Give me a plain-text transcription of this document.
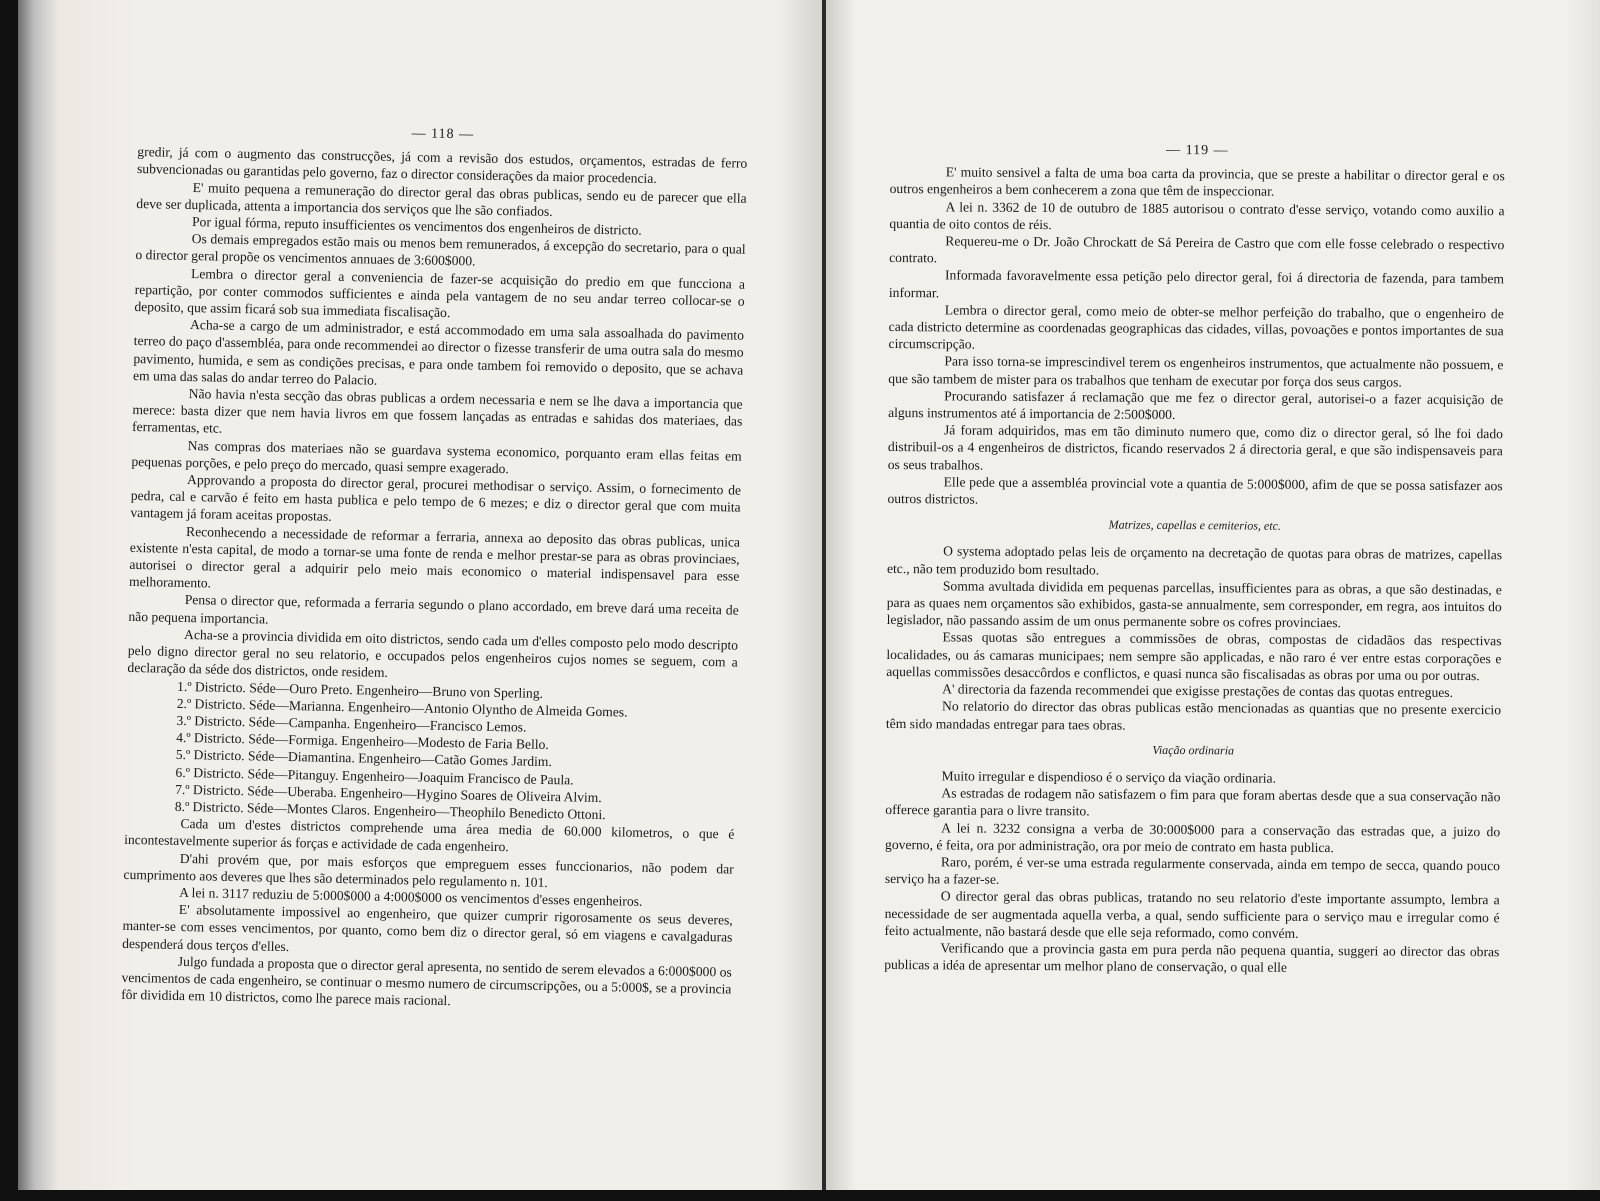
— 118 —

gredir, já com o augmento das construcções, já com a revisão dos estudos, orçamentos, estradas de ferro subvencionadas ou garantidas pelo governo, faz o director considerações da maior procedencia.

E' muito pequena a remuneração do director geral das obras publicas, sendo eu de parecer que ella deve ser duplicada, attenta a importancia dos serviços que lhe são confiados.

Por igual fórma, reputo insufficientes os vencimentos dos engenheiros de districto.

Os demais empregados estão mais ou menos bem remunerados, á excepção do secretario, para o qual o director geral propõe os vencimentos annuaes de 3:600$000.

Lembra o director geral a conveniencia de fazer-se acquisição do predio em que funcciona a repartição, por conter commodos sufficientes e ainda pela vantagem de no seu andar terreo collocar-se o deposito, que assim ficará sob sua immediata fiscalisação.

Acha-se a cargo de um administrador, e está accommodado em uma sala assoalhada do pavimento terreo do paço d'assembléa, para onde recommendei ao director o fizesse transferir de uma outra sala do mesmo pavimento, humida, e sem as condições precisas, e para onde tambem foi removido o deposito, que se achava em uma das salas do andar terreo do Palacio.

Não havia n'esta secção das obras publicas a ordem necessaria e nem se lhe dava a importancia que merece: basta dizer que nem havia livros em que fossem lançadas as entradas e sahidas dos materiaes, das ferramentas, etc.

Nas compras dos materiaes não se guardava systema economico, porquanto eram ellas feitas em pequenas porções, e pelo preço do mercado, quasi sempre exagerado.

Approvando a proposta do director geral, procurei methodisar o serviço. Assim, o fornecimento de pedra, cal e carvão é feito em hasta publica e pelo tempo de 6 mezes; e diz o director geral que com muita vantagem já foram aceitas propostas.

Reconhecendo a necessidade de reformar a ferraria, annexa ao deposito das obras publicas, unica existente n'esta capital, de modo a tornar-se uma fonte de renda e melhor prestar-se para as obras provinciaes, autorisei o director geral a adquirir pelo meio mais economico o material indispensavel para esse melhoramento.

Pensa o director que, reformada a ferraria segundo o plano accordado, em breve dará uma receita de não pequena importancia.

Acha-se a provincia dividida em oito districtos, sendo cada um d'elles composto pelo modo descripto pelo digno director geral no seu relatorio, e occupados pelos engenheiros cujos nomes se seguem, com a declaração da séde dos districtos, onde residem.

1.º Districto. Séde—Ouro Preto. Engenheiro—Bruno von Sperling.
2.º Districto. Séde—Marianna. Engenheiro—Antonio Olyntho de Almeida Gomes.
3.º Districto. Séde—Campanha. Engenheiro—Francisco Lemos.
4.º Districto. Séde—Formiga. Engenheiro—Modesto de Faria Bello.
5.º Districto. Séde—Diamantina. Engenheiro—Catão Gomes Jardim.
6.º Districto. Séde—Pitanguy. Engenheiro—Joaquim Francisco de Paula.
7.º Districto. Séde—Uberaba. Engenheiro—Hygino Soares de Oliveira Alvim.
8.º Districto. Séde—Montes Claros. Engenheiro—Theophilo Benedicto Ottoni.

Cada um d'estes districtos comprehende uma área media de 60.000 kilometros, o que é incontestavelmente superior ás forças e actividade de cada engenheiro.

D'ahi provém que, por mais esforços que empreguem esses funccionarios, não podem dar cumprimento aos deveres que lhes são determinados pelo regulamento n. 101.

A lei n. 3117 reduziu de 5:000$000 a 4:000$000 os vencimentos d'esses engenheiros.

E' absolutamente impossivel ao engenheiro, que quizer cumprir rigorosamente os seus deveres, manter-se com esses vencimentos, por quanto, como bem diz o director geral, só em viagens e cavalgaduras despenderá dous terços d'elles.

Julgo fundada a proposta que o director geral apresenta, no sentido de serem elevados a 6:000$000 os vencimentos de cada engenheiro, se continuar o mesmo numero de circumscripções, ou a 5:000$, se a provincia fôr dividida em 10 districtos, como lhe parece mais racional.

— 119 —

E' muito sensivel a falta de uma boa carta da provincia, que se preste a habilitar o director geral e os outros engenheiros a bem conhecerem a zona que têm de inspeccionar.

A lei n. 3362 de 10 de outubro de 1885 autorisou o contrato d'esse serviço, votando como auxilio a quantia de oito contos de réis.

Requereu-me o Dr. João Chrockatt de Sá Pereira de Castro que com elle fosse celebrado o respectivo contrato.

Informada favoravelmente essa petição pelo director geral, foi á directoria de fazenda, para tambem informar.

Lembra o director geral, como meio de obter-se melhor perfeição do trabalho, que o engenheiro de cada districto determine as coordenadas geographicas das cidades, villas, povoações e pontos importantes de sua circumscripção.

Para isso torna-se imprescindivel terem os engenheiros instrumentos, que actualmente não possuem, e que são tambem de mister para os trabalhos que tenham de executar por força dos seus cargos.

Procurando satisfazer á reclamação que me fez o director geral, autorisei-o a fazer acquisição de alguns instrumentos até á importancia de 2:500$000.

Já foram adquiridos, mas em tão diminuto numero que, como diz o director geral, só lhe foi dado distribuil-os a 4 engenheiros de districtos, ficando reservados 2 á directoria geral, e que são indispensaveis para os seus trabalhos.

Elle pede que a assembléa provincial vote a quantia de 5:000$000, afim de que se possa satisfazer aos outros districtos.

Matrizes, capellas e cemiterios, etc.

O systema adoptado pelas leis de orçamento na decretação de quotas para obras de matrizes, capellas etc., não tem produzido bom resultado.

Somma avultada dividida em pequenas parcellas, insufficientes para as obras, a que são destinadas, e para as quaes nem orçamentos são exhibidos, gasta-se annualmente, sem corresponder, em regra, aos intuitos do legislador, não passando assim de um onus permanente sobre os cofres provinciaes.

Essas quotas são entregues a commissões de obras, compostas de cidadãos das respectivas localidades, ou ás camaras municipaes; nem sempre são applicadas, e não raro é ver entre estas corporações e aquellas commissões desaccôrdos e conflictos, e quasi nunca são fiscalisadas as obras por uma ou por outras.

A' directoria da fazenda recommendei que exigisse prestações de contas das quotas entregues.

No relatorio do director das obras publicas estão mencionadas as quantias que no presente exercicio têm sido mandadas entregar para taes obras.

Viação ordinaria

Muito irregular e dispendioso é o serviço da viação ordinaria.

As estradas de rodagem não satisfazem o fim para que foram abertas desde que a sua conservação não offerece garantia para o livre transito.

A lei n. 3232 consigna a verba de 30:000$000 para a conservação das estradas que, a juizo do governo, é feita, ora por administração, ora por meio de contrato em hasta publica.

Raro, porém, é ver-se uma estrada regularmente conservada, ainda em tempo de secca, quando pouco serviço ha a fazer-se.

O director geral das obras publicas, tratando no seu relatorio d'este importante assumpto, lembra a necessidade de ser augmentada aquella verba, a qual, sendo sufficiente para o serviço mau e irregular como é feito actualmente, não bastará desde que elle seja reformado, como convém.

Verificando que a provincia gasta em pura perda não pequena quantia, suggeri ao director das obras publicas a idéa de apresentar um melhor plano de conservação, o qual elle
